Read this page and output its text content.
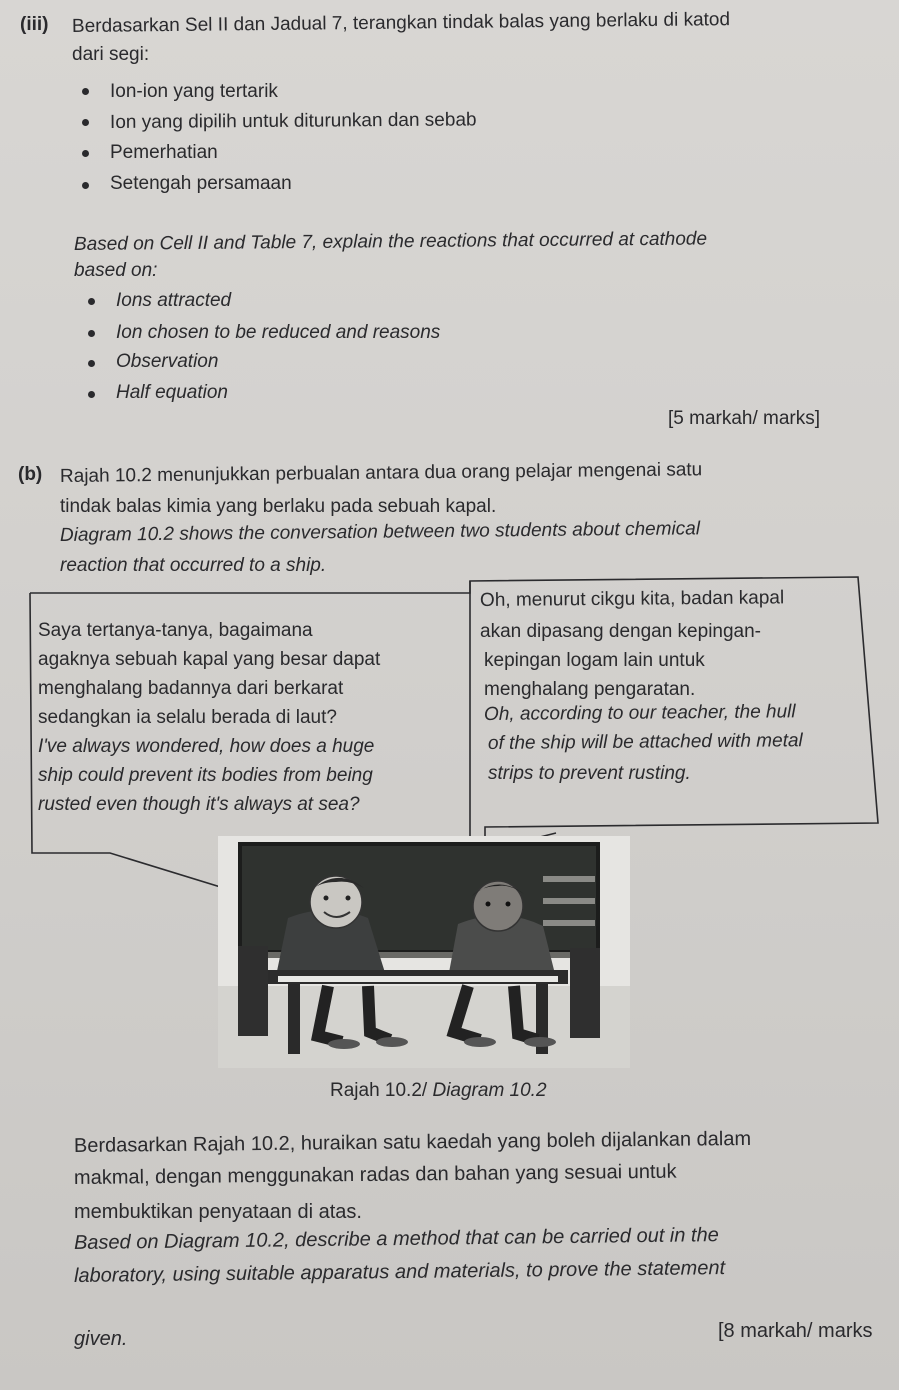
(iii) Berdasarkan Sel II dan Jadual 7, terangkan tindak balas yang berlaku di katod
dari segi:
Ion-ion yang tertarik
Ion yang dipilih untuk diturunkan dan sebab
Pemerhatian
Setengah persamaan
Based on Cell II and Table 7, explain the reactions that occurred at cathode
based on:
Ions attracted
Ion chosen to be reduced and reasons
Observation
Half equation
[5 markah/ marks]
(b) Rajah 10.2 menunjukkan perbualan antara dua orang pelajar mengenai satu
tindak balas kimia yang berlaku pada sebuah kapal.
Diagram 10.2 shows the conversation between two students about chemical
reaction that occurred to a ship.
Saya tertanya-tanya, bagaimana
agaknya sebuah kapal yang besar dapat
menghalang badannya dari berkarat
sedangkan ia selalu berada di laut?
I've always wondered, how does a huge
ship could prevent its bodies from being
rusted even though it's always at sea?
Oh, menurut cikgu kita, badan kapal
akan dipasang dengan kepingan-
kepingan logam lain untuk
menghalang pengaratan.
Oh, according to our teacher, the hull
of the ship will be attached with metal
strips to prevent rusting.
Rajah 10.2/ Diagram 10.2
Berdasarkan Rajah 10.2, huraikan satu kaedah yang boleh dijalankan dalam
makmal, dengan menggunakan radas dan bahan yang sesuai untuk
membuktikan penyataan di atas.
Based on Diagram 10.2, describe a method that can be carried out in the
laboratory, using suitable apparatus and materials, to prove the statement
given.	[8 markah/ marks
